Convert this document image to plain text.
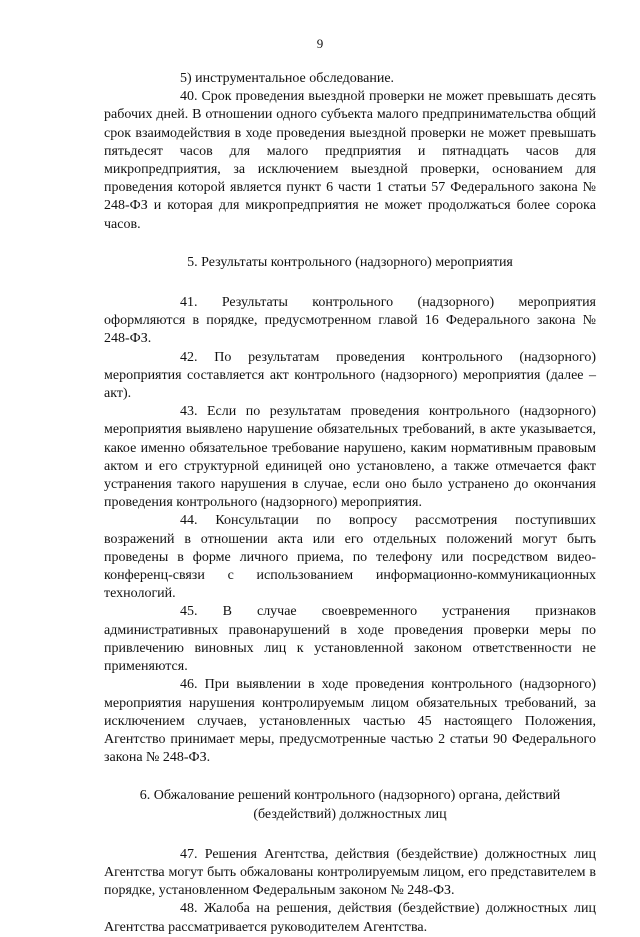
9

5) инструментальное обследование.

40. Срок проведения выездной проверки не может превышать десять рабочих дней. В отношении одного субъекта малого предпринимательства общий срок взаимодействия в ходе проведения выездной проверки не может превышать пятьдесят часов для малого предприятия и пятнадцать часов для микропредприятия, за исключением выездной проверки, основанием для проведения которой является пункт 6 части 1 статьи 57 Федерального закона № 248-ФЗ и которая для микропредприятия не может продолжаться более сорока часов.

5. Результаты контрольного (надзорного) мероприятия

41. Результаты контрольного (надзорного) мероприятия оформляются в порядке, предусмотренном главой 16 Федерального закона № 248-ФЗ.

42. По результатам проведения контрольного (надзорного) мероприятия составляется акт контрольного (надзорного) мероприятия (далее – акт).

43. Если по результатам проведения контрольного (надзорного) мероприятия выявлено нарушение обязательных требований, в акте указывается, какое именно обязательное требование нарушено, каким нормативным правовым актом и его структурной единицей оно установлено, а также отмечается факт устранения такого нарушения в случае, если оно было устранено до окончания проведения контрольного (надзорного) мероприятия.

44. Консультации по вопросу рассмотрения поступивших возражений в отношении акта или его отдельных положений могут быть проведены в форме личного приема, по телефону или посредством видео-конференц-связи с использованием информационно-коммуникационных технологий.

45. В случае своевременного устранения признаков административных правонарушений в ходе проведения проверки меры по привлечению виновных лиц к установленной законом ответственности не применяются.

46. При выявлении в ходе проведения контрольного (надзорного) мероприятия нарушения контролируемым лицом обязательных требований, за исключением случаев, установленных частью 45 настоящего Положения, Агентство принимает меры, предусмотренные частью 2 статьи 90 Федерального закона № 248-ФЗ.

6. Обжалование решений контрольного (надзорного) органа, действий

(бездействий) должностных лиц

47. Решения Агентства, действия (бездействие) должностных лиц Агентства могут быть обжалованы контролируемым лицом, его представителем в порядке, установленном Федеральным законом № 248-ФЗ.

48. Жалоба на решения, действия (бездействие) должностных лиц Агентства рассматривается руководителем Агентства.
